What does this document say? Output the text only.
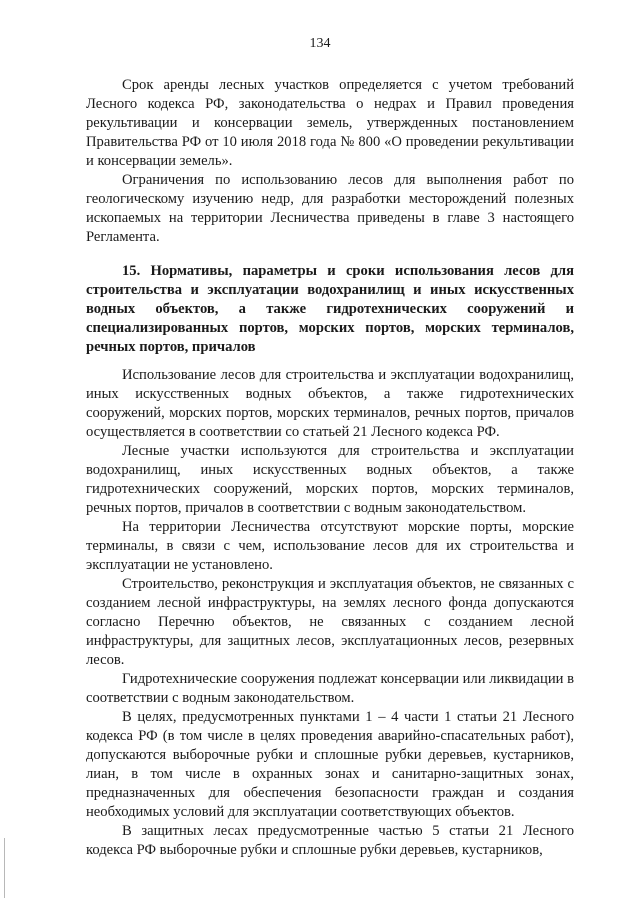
134

Срок аренды лесных участков определяется с учетом требований Лесного кодекса РФ, законодательства о недрах и Правил проведения рекультивации и консервации земель, утвержденных постановлением Правительства РФ от 10 июля 2018 года № 800 «О проведении рекультивации и консервации земель».

Ограничения по использованию лесов для выполнения работ по геологическому изучению недр, для разработки месторождений полезных ископаемых на территории Лесничества приведены в главе 3 настоящего Регламента.

15. Нормативы, параметры и сроки использования лесов для строительства и эксплуатации водохранилищ и иных искусственных водных объектов, а также гидротехнических сооружений и специализированных портов, морских портов, морских терминалов, речных портов, причалов

Использование лесов для строительства и эксплуатации водохранилищ, иных искусственных водных объектов, а также гидротехнических сооружений, морских портов, морских терминалов, речных портов, причалов осуществляется в соответствии со статьей 21 Лесного кодекса РФ.

Лесные участки используются для строительства и эксплуатации водохранилищ, иных искусственных водных объектов, а также гидротехнических сооружений, морских портов, морских терминалов, речных портов, причалов в соответствии с водным законодательством.

На территории Лесничества отсутствуют морские порты, морские терминалы, в связи с чем, использование лесов для их строительства и эксплуатации не установлено.

Строительство, реконструкция и эксплуатация объектов, не связанных с созданием лесной инфраструктуры, на землях лесного фонда допускаются согласно Перечню объектов, не связанных с созданием лесной инфраструктуры, для защитных лесов, эксплуатационных лесов, резервных лесов.

Гидротехнические сооружения подлежат консервации или ликвидации в соответствии с водным законодательством.

В целях, предусмотренных пунктами 1 – 4 части 1 статьи 21 Лесного кодекса РФ (в том числе в целях проведения аварийно-спасательных работ), допускаются выборочные рубки и сплошные рубки деревьев, кустарников, лиан, в том числе в охранных зонах и санитарно-защитных зонах, предназначенных для обеспечения безопасности граждан и создания необходимых условий для эксплуатации соответствующих объектов.

В защитных лесах предусмотренные частью 5 статьи 21 Лесного кодекса РФ выборочные рубки и сплошные рубки деревьев, кустарников,
